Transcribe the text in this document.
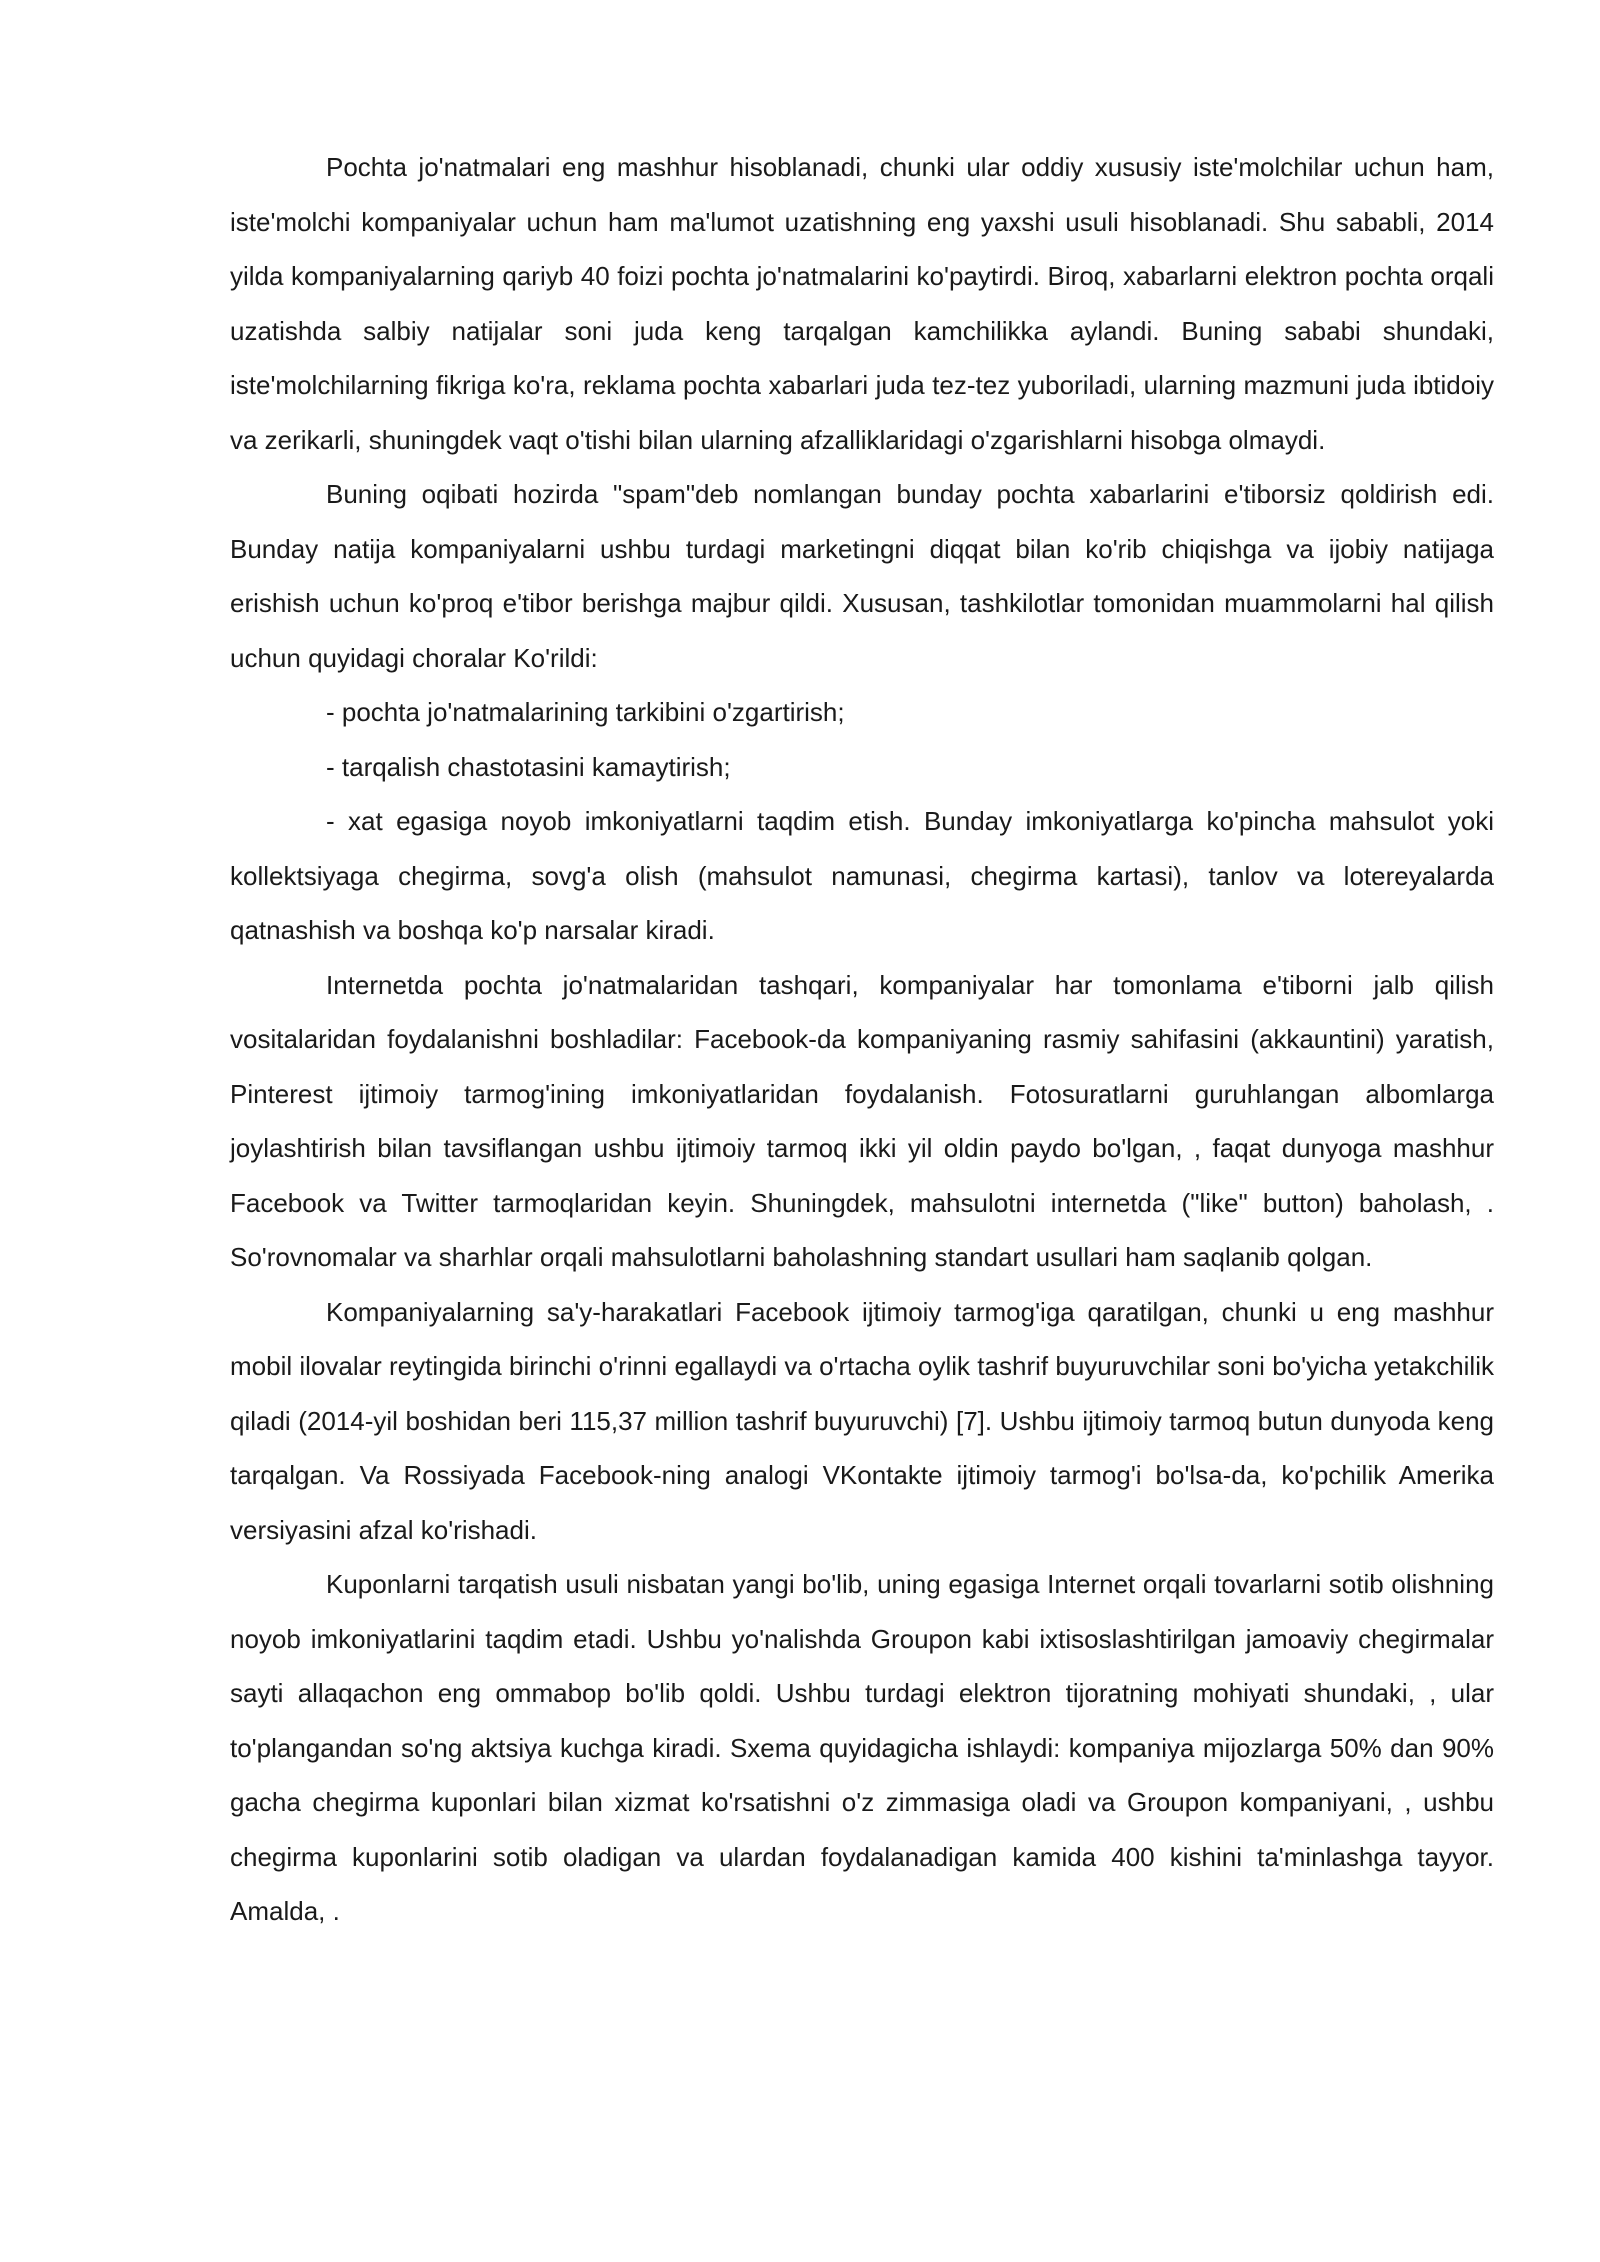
Pochta jo'natmalari eng mashhur hisoblanadi, chunki ular oddiy xususiy iste'molchilar uchun ham, iste'molchi kompaniyalar uchun ham ma'lumot uzatishning eng yaxshi usuli hisoblanadi. Shu sababli, 2014 yilda kompaniyalarning qariyb 40 foizi pochta jo'natmalarini ko'paytirdi. Biroq, xabarlarni elektron pochta orqali uzatishda salbiy natijalar soni juda keng tarqalgan kamchilikka aylandi. Buning sababi shundaki, iste'molchilarning fikriga ko'ra, reklama pochta xabarlari juda tez-tez yuboriladi, ularning mazmuni juda ibtidoiy va zerikarli, shuningdek vaqt o'tishi bilan ularning afzalliklaridagi o'zgarishlarni hisobga olmaydi.

Buning oqibati hozirda "spam"deb nomlangan bunday pochta xabarlarini e'tiborsiz qoldirish edi. Bunday natija kompaniyalarni ushbu turdagi marketingni diqqat bilan ko'rib chiqishga va ijobiy natijaga erishish uchun ko'proq e'tibor berishga majbur qildi. Xususan, tashkilotlar tomonidan muammolarni hal qilish uchun quyidagi choralar Ko'rildi:

- pochta jo'natmalarining tarkibini o'zgartirish;

- tarqalish chastotasini kamaytirish;

- xat egasiga noyob imkoniyatlarni taqdim etish. Bunday imkoniyatlarga ko'pincha mahsulot yoki kollektsiyaga chegirma, sovg'a olish (mahsulot namunasi, chegirma kartasi), tanlov va lotereyalarda qatnashish va boshqa ko'p narsalar kiradi.

Internetda pochta jo'natmalaridan tashqari, kompaniyalar har tomonlama e'tiborni jalb qilish vositalaridan foydalanishni boshladilar: Facebook-da kompaniyaning rasmiy sahifasini (akkauntini) yaratish, Pinterest ijtimoiy tarmog'ining imkoniyatlaridan foydalanish. Fotosuratlarni guruhlangan albomlarga joylashtirish bilan tavsiflangan ushbu ijtimoiy tarmoq ikki yil oldin paydo bo'lgan, , faqat dunyoga mashhur Facebook va Twitter tarmoqlaridan keyin. Shuningdek, mahsulotni internetda ("like" button) baholash, . So'rovnomalar va sharhlar orqali mahsulotlarni baholashning standart usullari ham saqlanib qolgan.

Kompaniyalarning sa'y-harakatlari Facebook ijtimoiy tarmog'iga qaratilgan, chunki u eng mashhur mobil ilovalar reytingida birinchi o'rinni egallaydi va o'rtacha oylik tashrif buyuruvchilar soni bo'yicha yetakchilik qiladi (2014-yil boshidan beri 115,37 million tashrif buyuruvchi) [7]. Ushbu ijtimoiy tarmoq butun dunyoda keng tarqalgan. Va Rossiyada Facebook-ning analogi VKontakte ijtimoiy tarmog'i bo'lsa-da, ko'pchilik Amerika versiyasini afzal ko'rishadi.

Kuponlarni tarqatish usuli nisbatan yangi bo'lib, uning egasiga Internet orqali tovarlarni sotib olishning noyob imkoniyatlarini taqdim etadi. Ushbu yo'nalishda Groupon kabi ixtisoslashtirilgan jamoaviy chegirmalar sayti allaqachon eng ommabop bo'lib qoldi. Ushbu turdagi elektron tijoratning mohiyati shundaki, , ular to'plangandan so'ng aktsiya kuchga kiradi. Sxema quyidagicha ishlaydi: kompaniya mijozlarga 50% dan 90% gacha chegirma kuponlari bilan xizmat ko'rsatishni o'z zimmasiga oladi va Groupon kompaniyani, , ushbu chegirma kuponlarini sotib oladigan va ulardan foydalanadigan kamida 400 kishini ta'minlashga tayyor. Amalda, .
